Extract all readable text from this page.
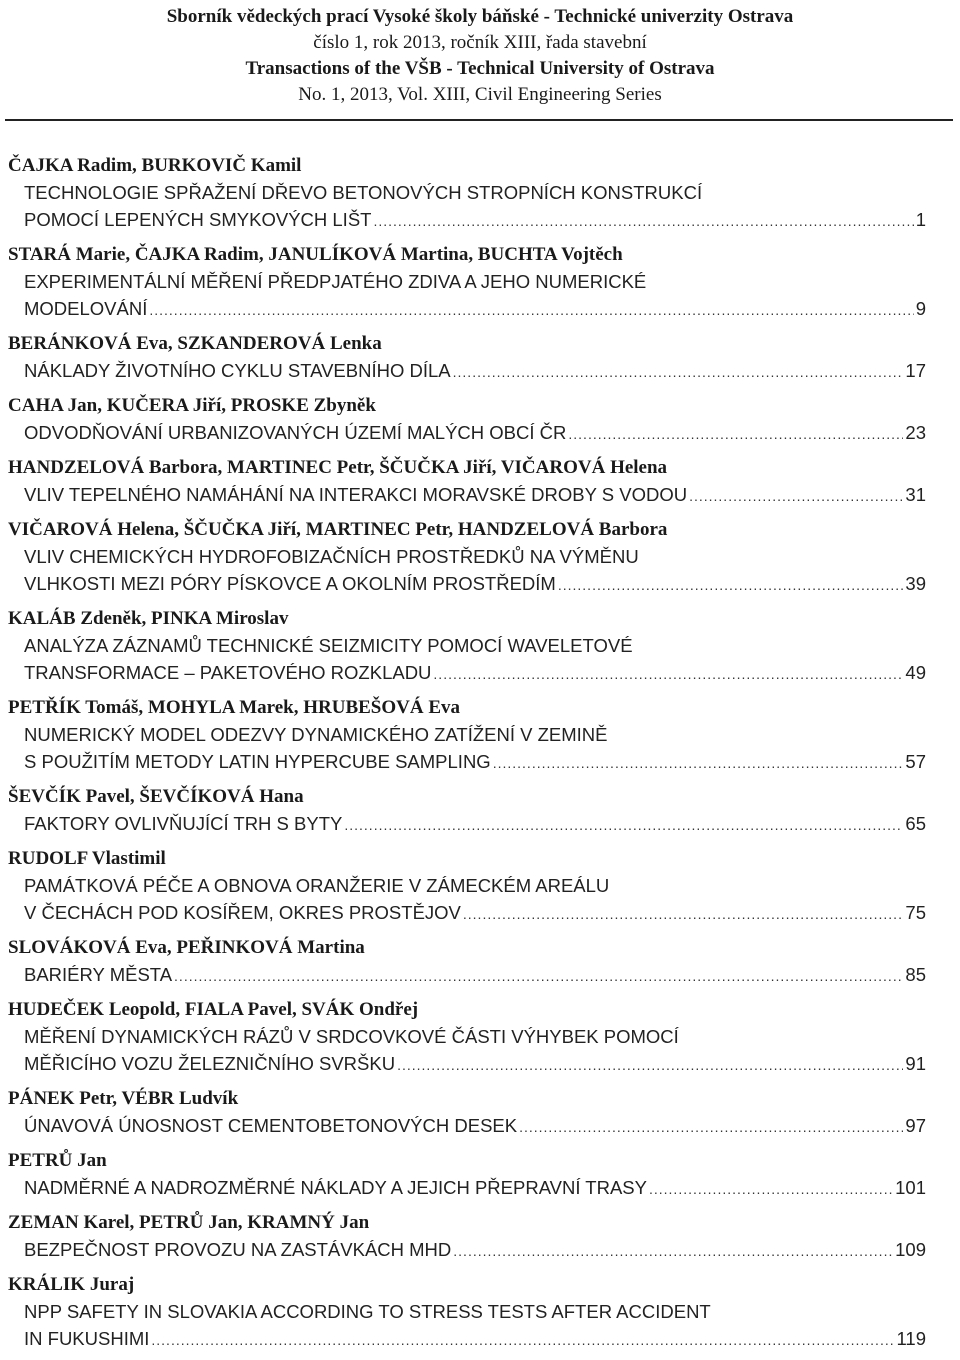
Sborník vědeckých prací Vysoké školy báňské - Technické univerzity Ostrava
číslo 1, rok 2013, ročník XIII, řada stavební
Transactions of the VŠB - Technical University of Ostrava
No. 1, 2013, Vol. XIII, Civil Engineering Series
ČAJKA Radim, BURKOVIČ Kamil
TECHNOLOGIE SPŘAŽENÍ DŘEVO BETONOVÝCH STROPNÍCH KONSTRUKCÍ
POMOCÍ LEPENÝCH SMYKOVÝCH LIŠT .....	1
STARÁ Marie, ČAJKA Radim, JANULÍKOVÁ Martina, BUCHTA Vojtěch
EXPERIMENTÁLNÍ MĚŘENÍ PŘEDPJATÉHO ZDIVA A JEHO NUMERICKÉ
MODELOVÁNÍ .....	9
BERÁNKOVÁ Eva, SZKANDEROVÁ Lenka
NÁKLADY ŽIVOTNÍHO CYKLU STAVEBNÍHO DÍLA .....	17
CAHA Jan, KUČERA Jiří, PROSKE Zbyněk
ODVODŇOVÁNÍ URBANIZOVANÝCH ÚZEMÍ MALÝCH OBCÍ ČR .....	23
HANDZELOVÁ Barbora, MARTINEC Petr, ŠČUČKA Jiří, VIČAROVÁ Helena
VLIV TEPELNÉHO NAMÁHÁNÍ NA INTERAKCI MORAVSKÉ DROBY S VODOU .....	31
VIČAROVÁ Helena, ŠČUČKA Jiří, MARTINEC Petr, HANDZELOVÁ Barbora
VLIV CHEMICKÝCH HYDROFOBIZAČNÍCH PROSTŘEDKŮ NA VÝMĚNU
VLHKOSTI MEZI PÓRY PÍSKOVCE A OKOLNÍM PROSTŘEDÍM .....	39
KALÁB Zdeněk, PINKA Miroslav
ANALÝZA ZÁZNAMŮ TECHNICKÉ SEIZMICITY POMOCÍ WAVELETOVÉ
TRANSFORMACE – PAKETOVÉHO ROZKLADU .....	49
PETŘÍK Tomáš, MOHYLA Marek, HRUBEŠOVÁ Eva
NUMERICKÝ MODEL ODEZVY DYNAMICKÉHO ZATÍŽENÍ V ZEMINĚ
S POUŽITÍM METODY LATIN HYPERCUBE SAMPLING .....	57
ŠEVČÍK Pavel, ŠEVČÍKOVÁ Hana
FAKTORY OVLIVŇUJÍCÍ TRH S BYTY .....	65
RUDOLF Vlastimil
PAMÁTKOVÁ PÉČE A OBNOVA ORANŽERIE V ZÁMECKÉM AREÁLU
V ČECHÁCH POD KOSÍŘEM, OKRES PROSTĚJOV .....	75
SLOVÁKOVÁ Eva, PEŘINKOVÁ Martina
BARIÉRY MĚSTA .....	85
HUDEČEK Leopold, FIALA Pavel, SVÁK Ondřej
MĚŘENÍ DYNAMICKÝCH RÁZŮ V SRDCOVKOVÉ ČÁSTI VÝHYBEK POMOCÍ
MĚŘICÍHO VOZU ŽELEZNIČNÍHO SVRŠKU .....	91
PÁNEK Petr, VÉBR Ludvík
ÚNAVOVÁ ÚNOSNOST CEMENTOBETONOVÝCH DESEK .....	97
PETRŮ Jan
NADMĚRNÉ A NADROZMĚRNÉ NÁKLADY A JEJICH PŘEPRAVNÍ TRASY .....	101
ZEMAN Karel, PETRŮ Jan, KRAMNÝ Jan
BEZPEČNOST PROVOZU NA ZASTÁVKÁCH MHD .....	109
KRÁLIK Juraj
NPP SAFETY IN SLOVAKIA ACCORDING TO STRESS TESTS AFTER ACCIDENT
IN FUKUSHIMI .....	119
